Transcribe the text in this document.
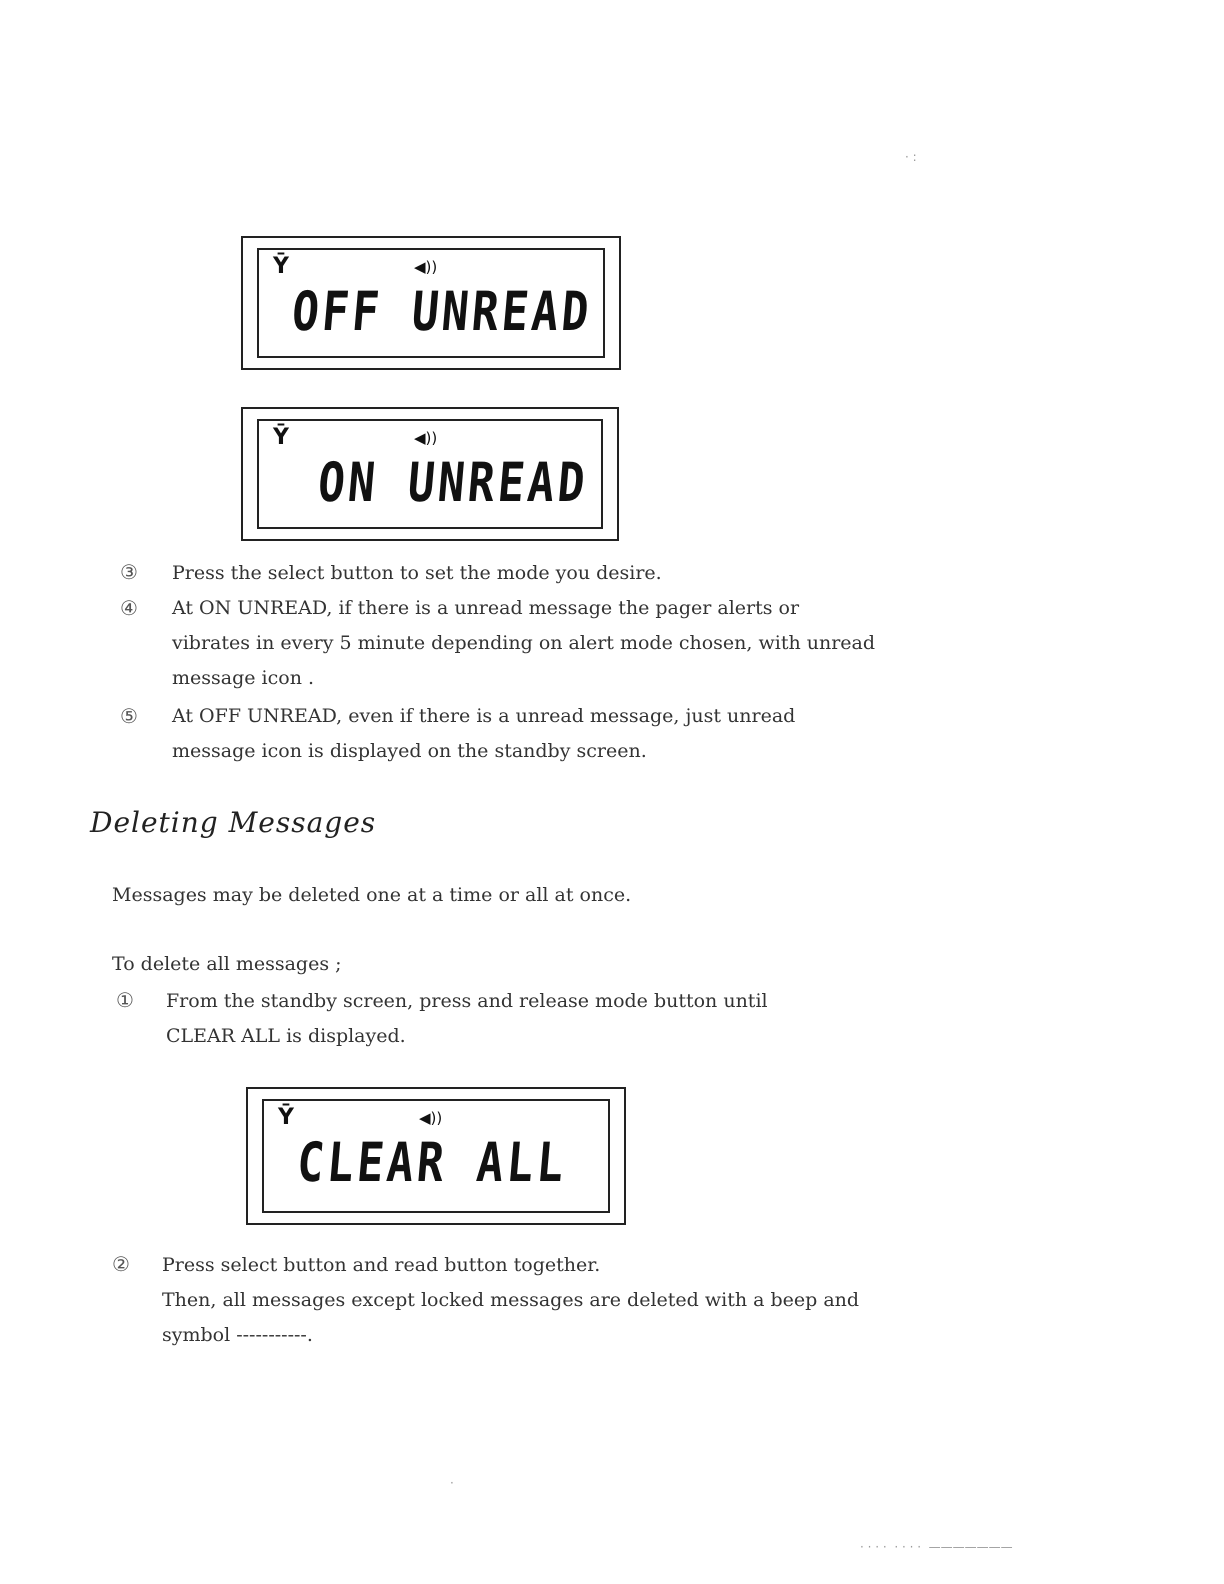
Ȳ	◀))
OFF UNREAD
Ȳ	◀))
ON UNREAD
③ Press the select button to set the mode you desire.
④ At ON UNREAD, if there is a unread message the pager alerts or
vibrates in every 5 minute depending on alert mode chosen, with unread
message icon .
⑤ At OFF UNREAD, even if there is a unread message, just unread
message icon is displayed on the standby screen.
Deleting Messages
Messages may be deleted one at a time or all at once.
To delete all messages ;
① From the standby screen, press and release mode button until
CLEAR ALL is displayed.
Ȳ	◀))
CLEAR ALL
② Press select button and read button together.
Then, all messages except locked messages are deleted with a beep and
symbol -----------.
· :
·
· · · ·  · · · ·  ———————
